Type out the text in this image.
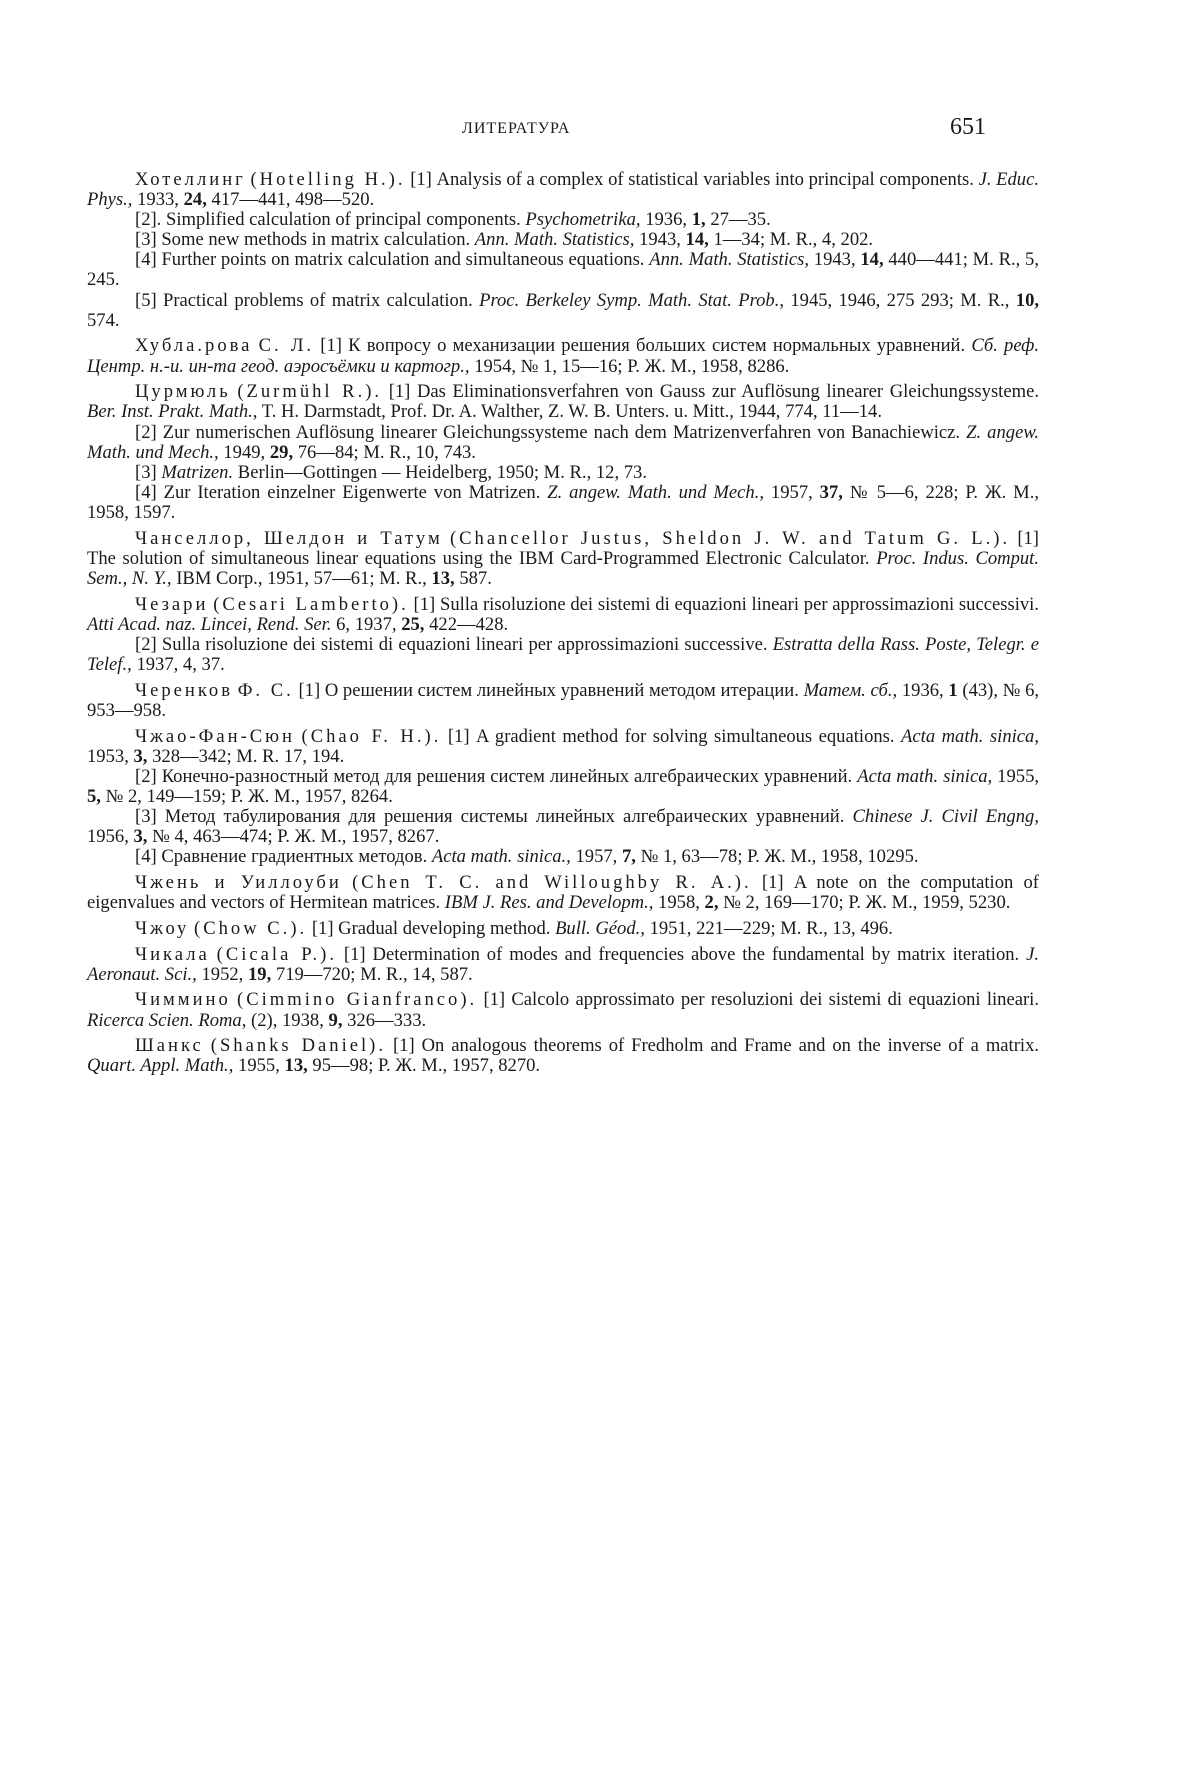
ЛИТЕРАТУРА	651

Хотеллинг (Hotelling H.). [1] Analysis of a complex of statistical variables into principal components. J. Educ. Phys., 1933, 24, 417—441, 498—520.

[2]. Simplified calculation of principal components. Psychometrika, 1936, 1, 27—35.

[3] Some new methods in matrix calculation. Ann. Math. Statistics, 1943, 14, 1—34; M. R., 4, 202.

[4] Further points on matrix calculation and simultaneous equations. Ann. Math. Statistics, 1943, 14, 440—441; M. R., 5, 245.

[5] Practical problems of matrix calculation. Proc. Berkeley Symp. Math. Stat. Prob., 1945, 1946, 275 293; M. R., 10, 574.

Хублa.рова С. Л. [1] К вопросу о механизации решения больших систем нормальных уравнений. Сб. реф. Центр. н.-и. ин-та геод. аэросъёмки и картогр., 1954, № 1, 15—16; Р. Ж. М., 1958, 8286.

Цурмюль (Zurmühl R.). [1] Das Eliminationsverfahren von Gauss zur Auflösung linearer Gleichungssysteme. Ber. Inst. Prakt. Math., T. H. Darmstadt, Prof. Dr. A. Walther, Z. W. B. Unters. u. Mitt., 1944, 774, 11—14.

[2] Zur numerischen Auflösung linearer Gleichungssysteme nach dem Matrizenverfahren von Banachiewicz. Z. angew. Math. und Mech., 1949, 29, 76—84; M. R., 10, 743.

[3] Matrizen. Berlin—Gottingen — Heidelberg, 1950; M. R., 12, 73.

[4] Zur Iteration einzelner Eigenwerte von Matrizen. Z. angew. Math. und Mech., 1957, 37, № 5—6, 228; Р. Ж. М., 1958, 1597.

Чанселлор, Шелдон и Татум (Chancellor Justus, Sheldon J. W. and Tatum G. L.). [1] The solution of simultaneous linear equations using the IBM Card-Programmed Electronic Calculator. Proc. Indus. Comput. Sem., N. Y., IBM Corp., 1951, 57—61; M. R., 13, 587.

Чезари (Cesari Lamberto). [1] Sulla risoluzione dei sistemi di equazioni lineari per approssimazioni successivi. Atti Acad. naz. Lincei, Rend. Ser. 6, 1937, 25, 422—428.

[2] Sulla risoluzione dei sistemi di equazioni lineari per approssimazioni successive. Estratta della Rass. Poste, Telegr. e Telef., 1937, 4, 37.

Черенков Ф. С. [1] О решении систем линейных уравнений методом итерации. Матем. сб., 1936, 1 (43), № 6, 953—958.

Чжао-Фан-Сюн (Chao F. H.). [1] A gradient method for solving simultaneous equations. Acta math. sinica, 1953, 3, 328—342; M. R. 17, 194.

[2] Конечно-разностный метод для решения систем линейных алгебраических уравнений. Acta math. sinica, 1955, 5, № 2, 149—159; Р. Ж. М., 1957, 8264.

[3] Метод табулирования для решения системы линейных алгебраических уравнений. Chinese J. Civil Engng, 1956, 3, № 4, 463—474; Р. Ж. М., 1957, 8267.

[4] Сравнение градиентных методов. Acta math. sinica., 1957, 7, № 1, 63—78; Р. Ж. М., 1958, 10295.

Чжень и Уиллоуби (Chen T. C. and Willoughby R. A.). [1] A note on the computation of eigenvalues and vectors of Hermitean matrices. IBM J. Res. and Developm., 1958, 2, № 2, 169—170; Р. Ж. М., 1959, 5230.

Чжоу (Chow C.). [1] Gradual developing method. Bull. Géod., 1951, 221—229; M. R., 13, 496.

Чикала (Cicala P.). [1] Determination of modes and frequencies above the fundamental by matrix iteration. J. Aeronaut. Sci., 1952, 19, 719—720; M. R., 14, 587.

Чиммино (Cimmino Gianfranco). [1] Calcolo approssimato per resoluzioni dei sistemi di equazioni lineari. Ricerca Scien. Roma, (2), 1938, 9, 326—333.

Шанкс (Shanks Daniel). [1] On analogous theorems of Fredholm and Frame and on the inverse of a matrix. Quart. Appl. Math., 1955, 13, 95—98; Р. Ж. М., 1957, 8270.
